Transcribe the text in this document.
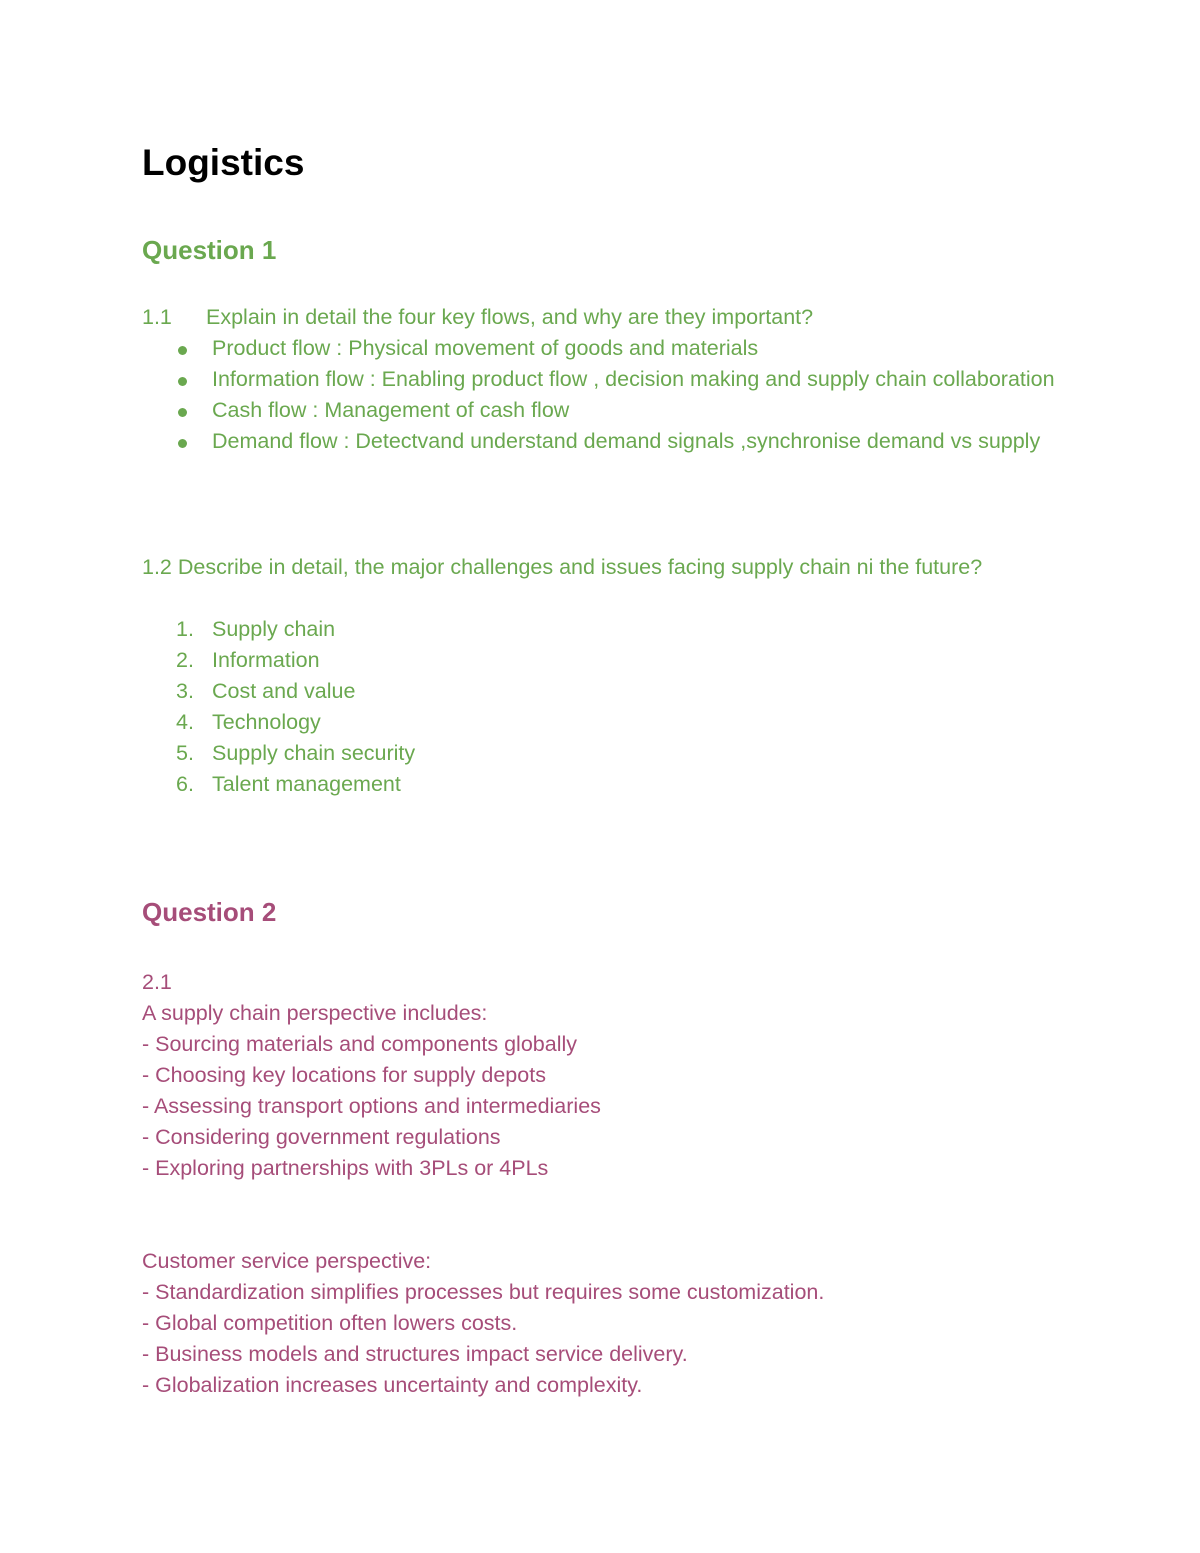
Logistics
Question 1
1.1 Explain in detail the four key flows, and why are they important?
Product flow : Physical movement of goods and materials
Information flow : Enabling product flow , decision making and supply chain collaboration
Cash flow : Management of cash flow
Demand flow : Detectvand understand demand signals ,synchronise demand vs supply
1.2 Describe in detail, the major challenges and issues facing supply chain ni the future?
1. Supply chain
2. Information
3. Cost and value
4. Technology
5. Supply chain security
6. Talent management
Question 2
2.1
A supply chain perspective includes:
- Sourcing materials and components globally
- Choosing key locations for supply depots
- Assessing transport options and intermediaries
- Considering government regulations
- Exploring partnerships with 3PLs or 4PLs
Customer service perspective:
- Standardization simplifies processes but requires some customization.
- Global competition often lowers costs.
- Business models and structures impact service delivery.
- Globalization increases uncertainty and complexity.
